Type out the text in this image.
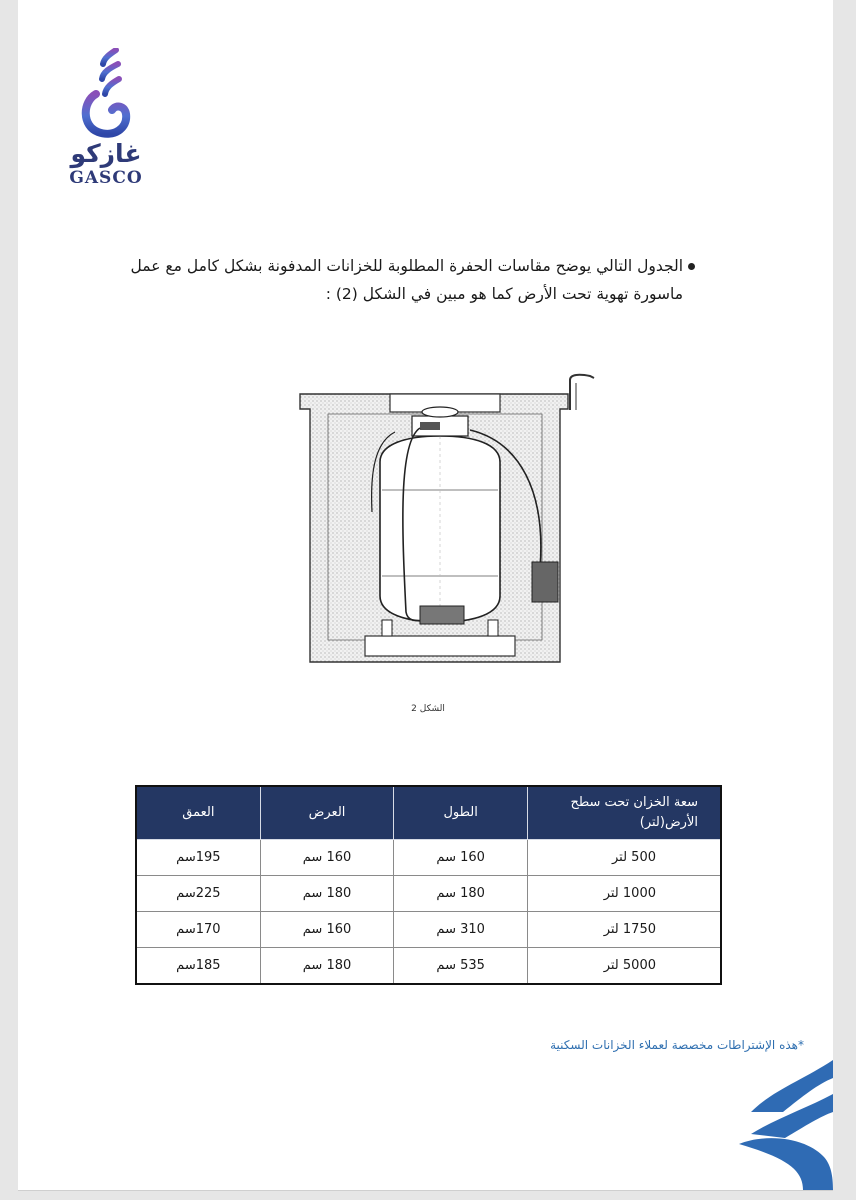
غازكو
GASCO
الجدول التالي يوضح مقاسات الحفرة المطلوبة للخزانات المدفونة بشكل كامل مع عمل ماسورة تهوية تحت الأرض كما هو مبين في الشكل (2) :
الشكل 2
سعة الخزان تحت سطح الأرض(لتر)	الطول	العرض	العمق
500 لتر	160 سم	160 سم	195سم
1000 لتر	180 سم	180 سم	225سم
1750 لتر	310 سم	160 سم	170سم
5000 لتر	535 سم	180 سم	185سم
*هذه الإشتراطات مخصصة لعملاء الخزانات السكنية
